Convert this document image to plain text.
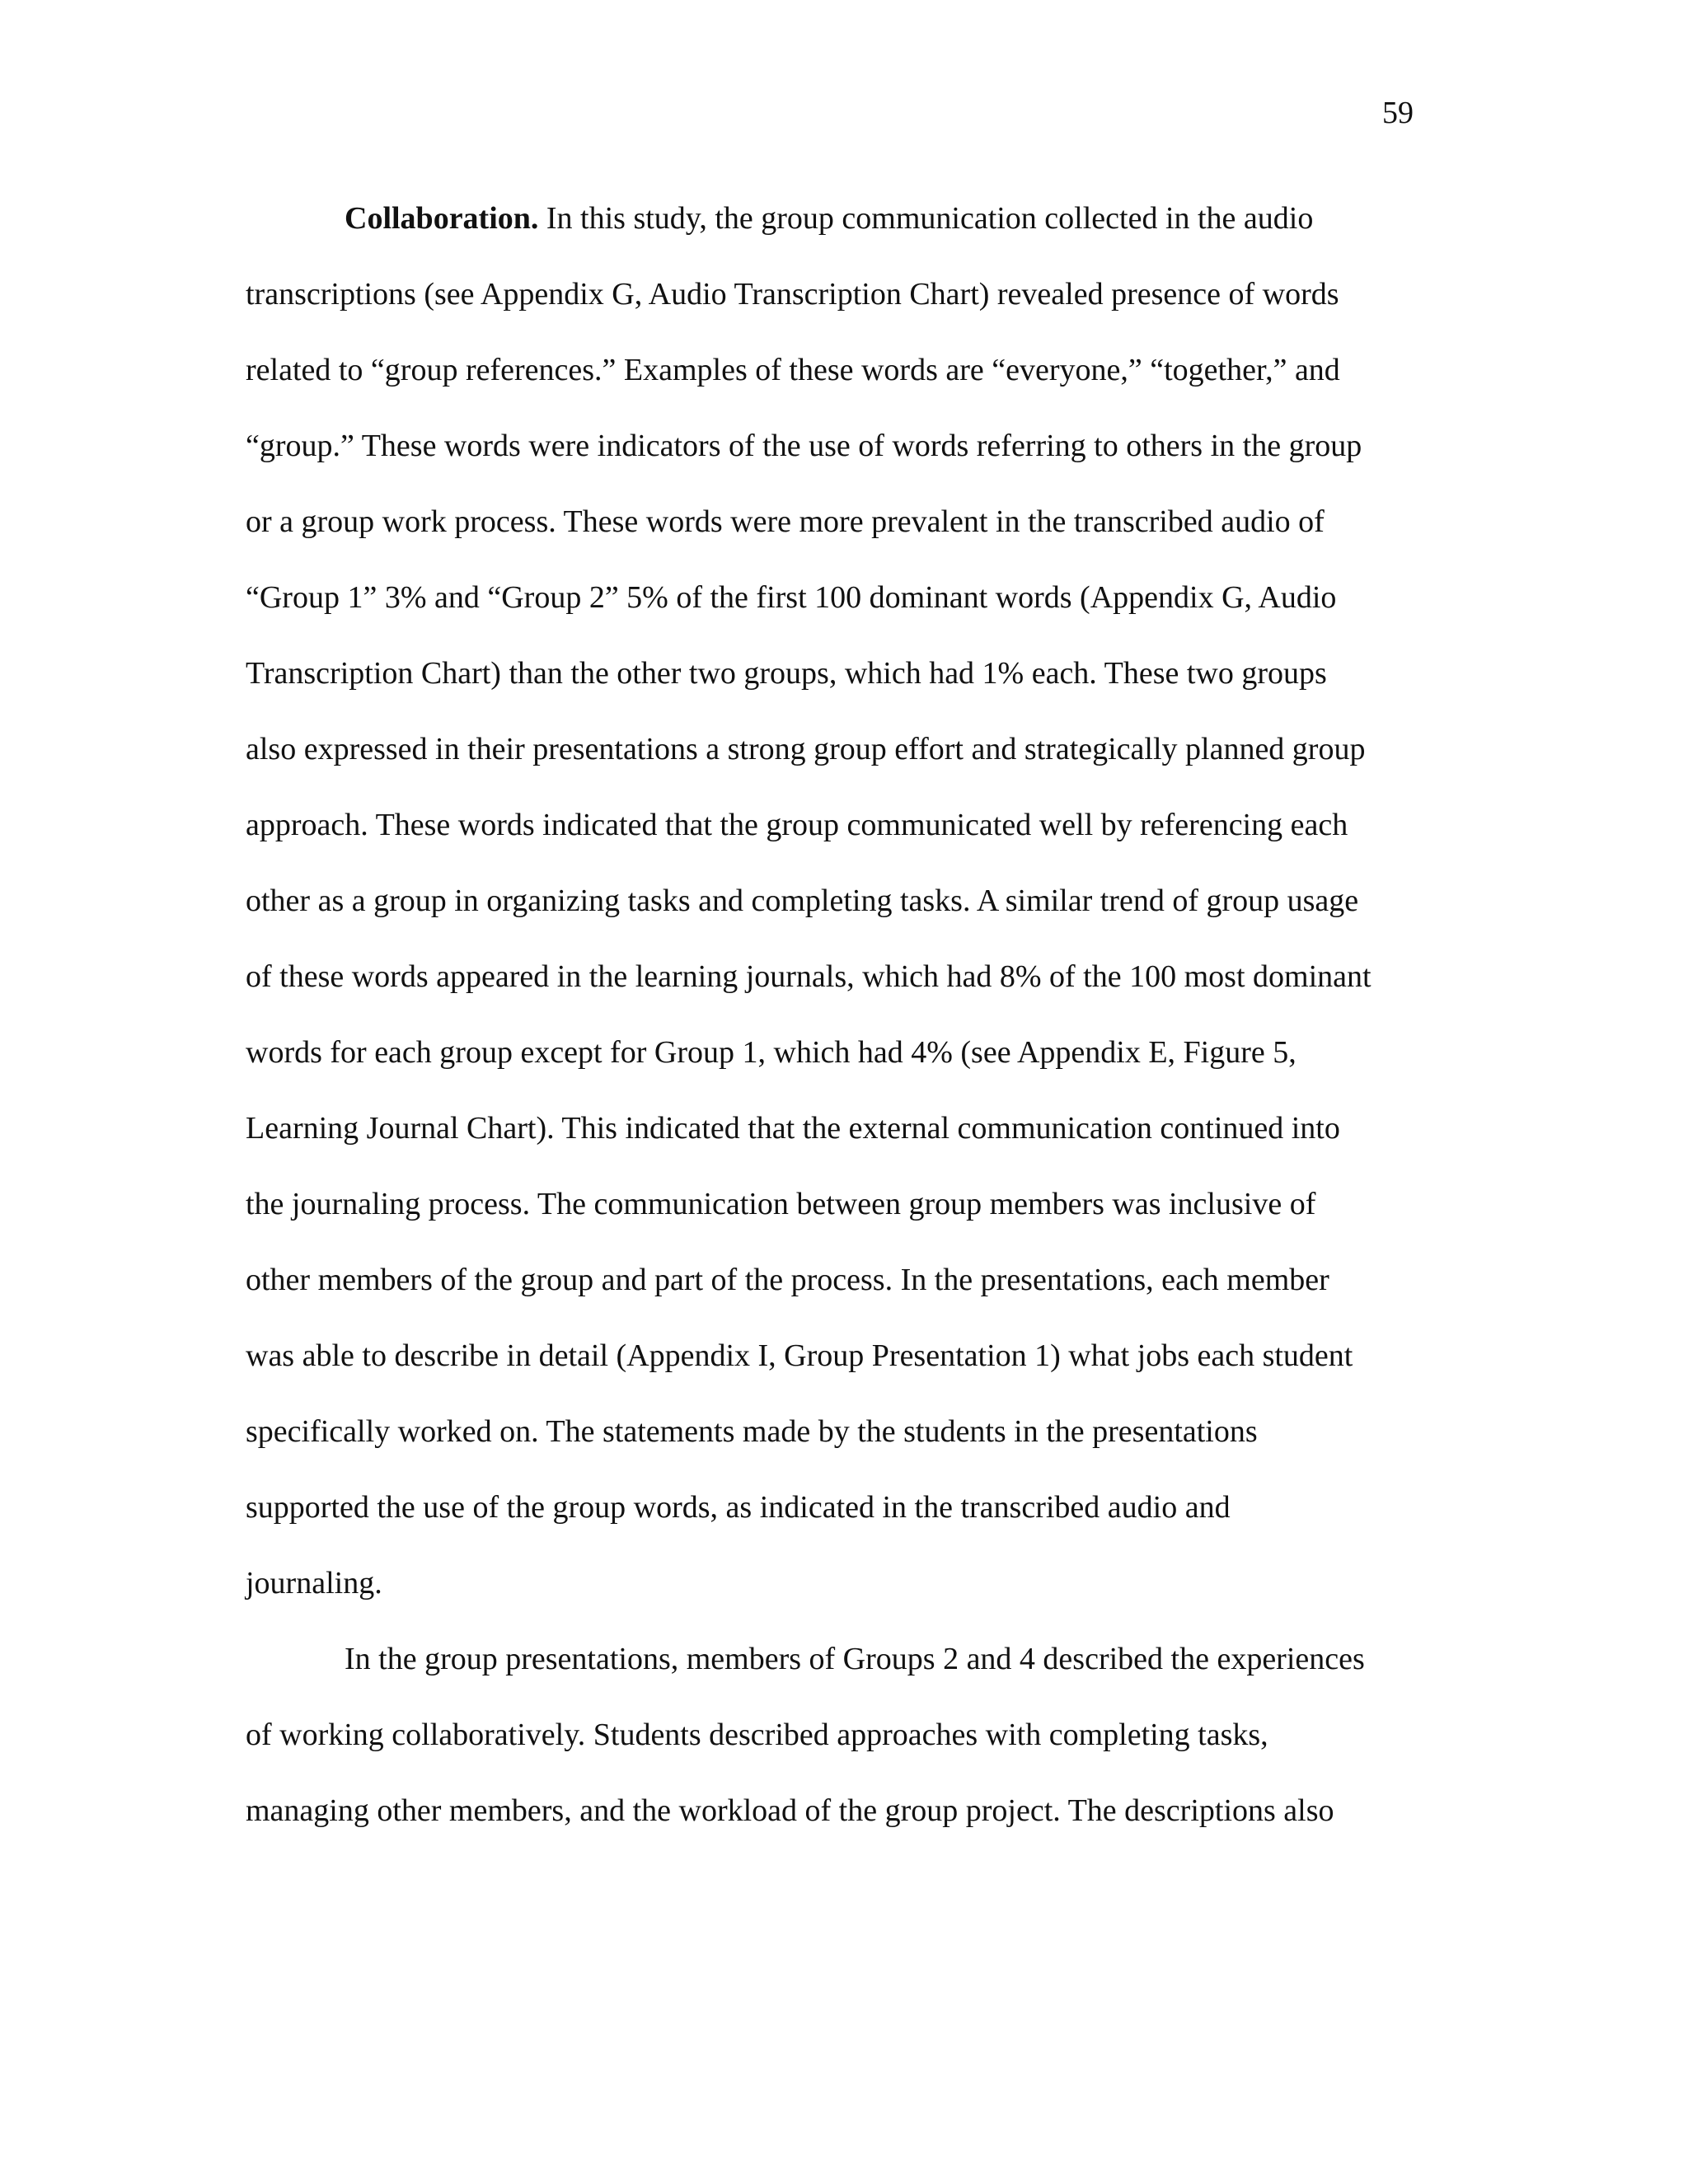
59
Collaboration. In this study, the group communication collected in the audio
transcriptions (see Appendix G, Audio Transcription Chart) revealed presence of words
related to “group references.” Examples of these words are “everyone,” “together,” and
“group.” These words were indicators of the use of words referring to others in the group
or a group work process. These words were more prevalent in the transcribed audio of
“Group 1” 3% and “Group 2” 5% of the first 100 dominant words (Appendix G, Audio
Transcription Chart) than the other two groups, which had 1% each. These two groups
also expressed in their presentations a strong group effort and strategically planned group
approach. These words indicated that the group communicated well by referencing each
other as a group in organizing tasks and completing tasks. A similar trend of group usage
of these words appeared in the learning journals, which had 8% of the 100 most dominant
words for each group except for Group 1, which had 4% (see Appendix E, Figure 5,
Learning Journal Chart). This indicated that the external communication continued into
the journaling process. The communication between group members was inclusive of
other members of the group and part of the process. In the presentations, each member
was able to describe in detail (Appendix I, Group Presentation 1) what jobs each student
specifically worked on. The statements made by the students in the presentations
supported the use of the group words, as indicated in the transcribed audio and
journaling.
In the group presentations, members of Groups 2 and 4 described the experiences
of working collaboratively. Students described approaches with completing tasks,
managing other members, and the workload of the group project. The descriptions also
